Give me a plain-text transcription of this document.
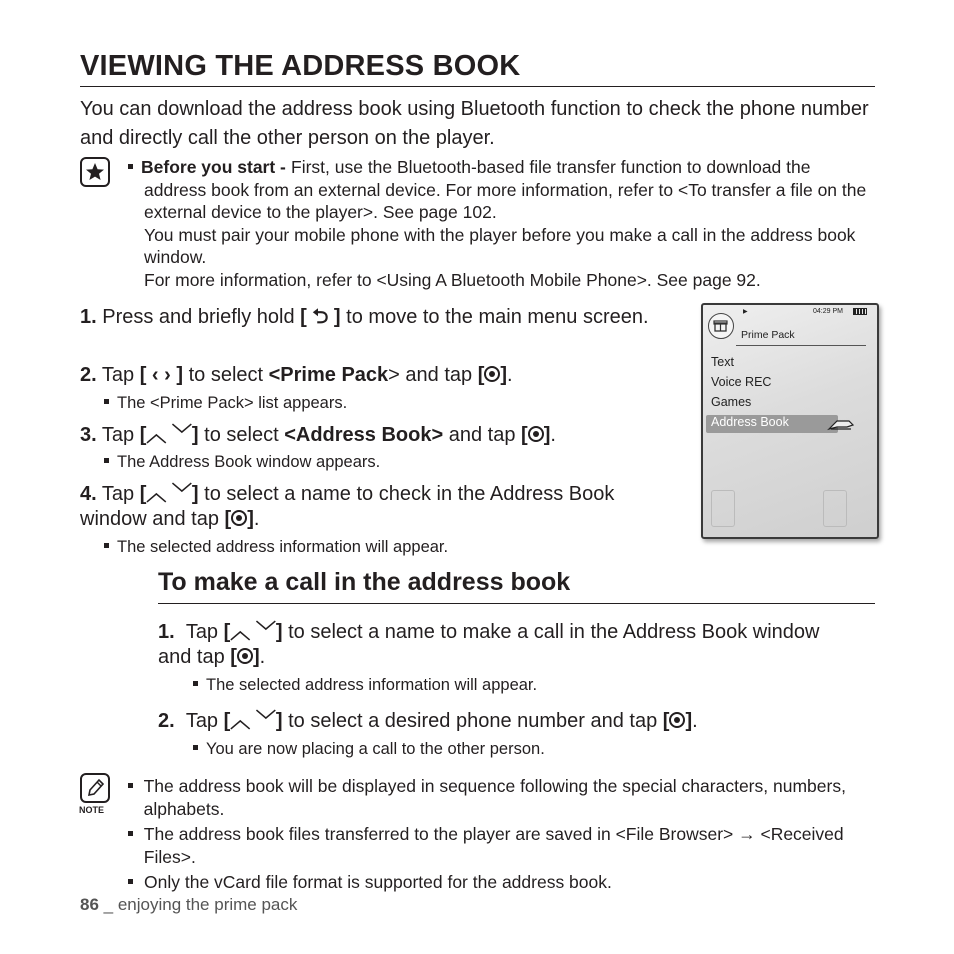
VIEWING THE ADDRESS BOOK

You can download the address book using Bluetooth function to check the phone number and directly call the other person on the player.

Before you start - First, use the Bluetooth-based file transfer function to download the address book from an external device. For more information, refer to <To transfer a file on the external device to the player>. See page 102.
You must pair your mobile phone with the player before you make a call in the address book window.
For more information, refer to <Using A Bluetooth Mobile Phone>. See page 92.
1. Press and briefly hold [ ⮌ ] to move to the main menu screen.
2. Tap [ ‹ › ] to select <Prime Pack> and tap [ ].
The <Prime Pack> list appears.
3. Tap [︿ ﹀] to select <Address Book> and tap [ ].
The Address Book window appears.
4. Tap [︿ ﹀] to select a name to check in the Address Book window and tap [ ].
The selected address information will appear.
▶	04:29 PM
Prime Pack
Text
Voice REC
Games
Address Book
To make a call in the address book
1. Tap [︿ ﹀] to select a name to make a call in the Address Book window and tap [ ].
The selected address information will appear.
2. Tap [︿ ﹀] to select a desired phone number and tap [ ].
You are now placing a call to the other person.
NOTE
The address book will be displayed in sequence following the special characters, numbers, alphabets.
The address book files transferred to the player are saved in <File Browser> → <Received Files>.
Only the vCard file format is supported for the address book.
86 _ enjoying the prime pack
